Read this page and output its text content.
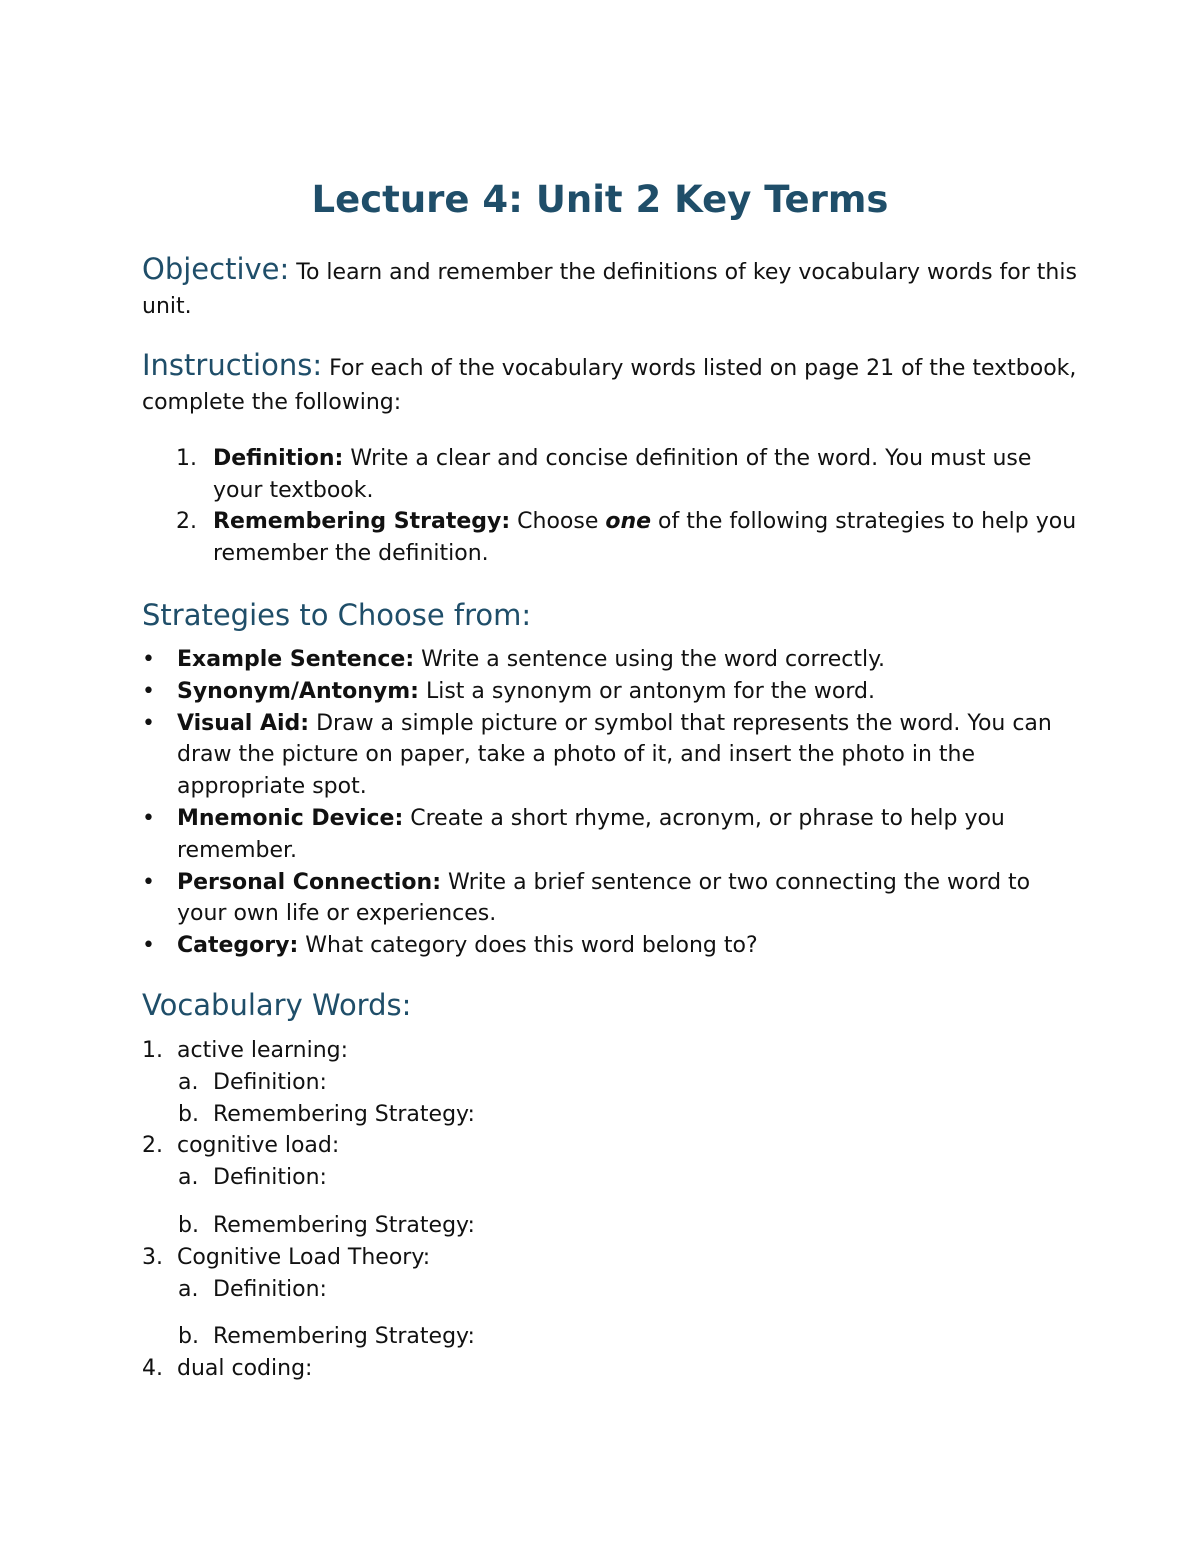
Lecture 4: Unit 2 Key Terms
Objective: To learn and remember the definitions of key vocabulary words for this unit.
Instructions: For each of the vocabulary words listed on page 21 of the textbook, complete the following:
1. Definition: Write a clear and concise definition of the word. You must use your textbook.
2. Remembering Strategy: Choose one of the following strategies to help you remember the definition.
Strategies to Choose from:
• Example Sentence: Write a sentence using the word correctly.
• Synonym/Antonym: List a synonym or antonym for the word.
• Visual Aid: Draw a simple picture or symbol that represents the word. You can draw the picture on paper, take a photo of it, and insert the photo in the appropriate spot.
• Mnemonic Device: Create a short rhyme, acronym, or phrase to help you remember.
• Personal Connection: Write a brief sentence or two connecting the word to your own life or experiences.
• Category: What category does this word belong to?
Vocabulary Words:
1. active learning:
a. Definition:
b. Remembering Strategy:
2. cognitive load:
a. Definition:
b. Remembering Strategy:
3. Cognitive Load Theory:
a. Definition:
b. Remembering Strategy:
4. dual coding:
